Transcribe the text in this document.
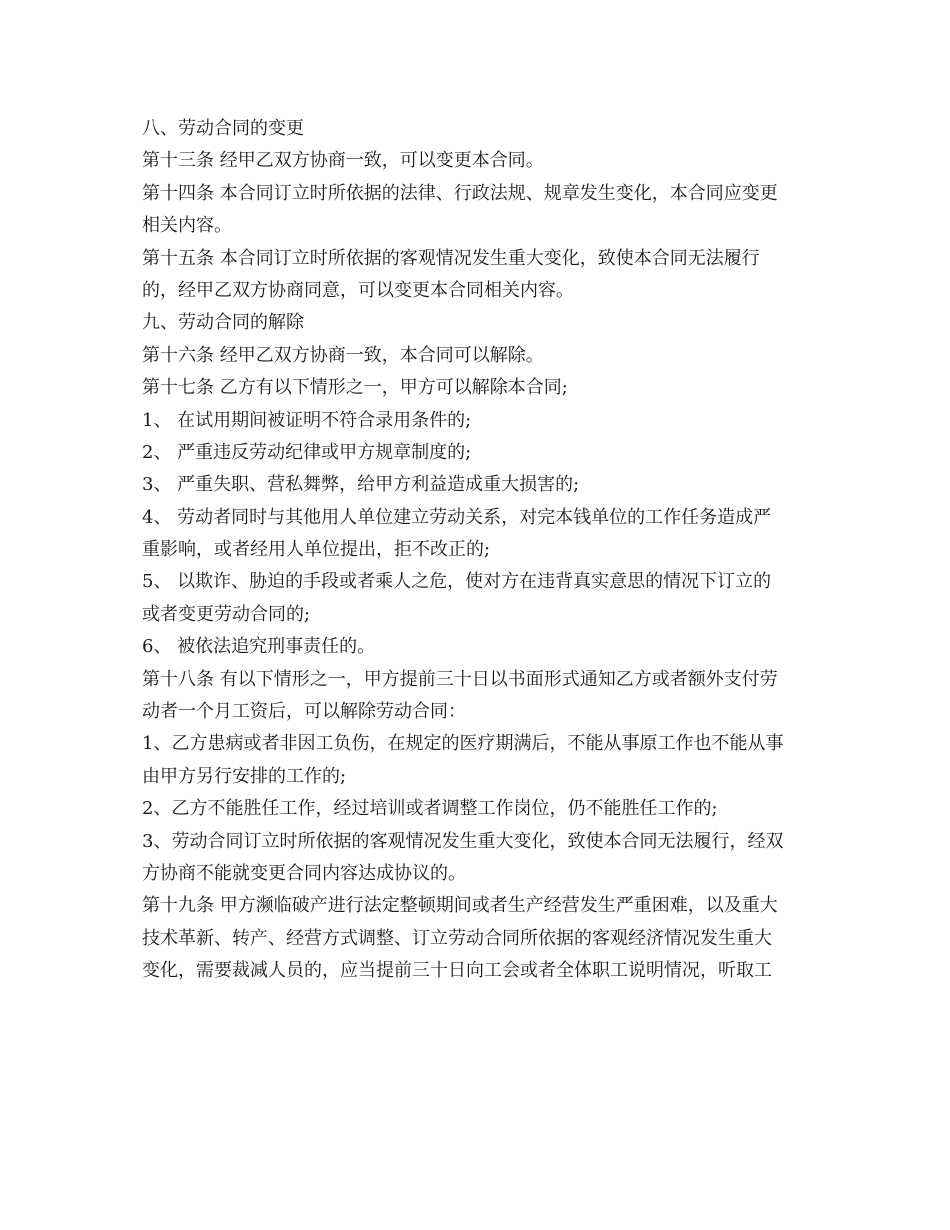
八、劳动合同的变更
第十三条 经甲乙双方协商一致，可以变更本合同。
第十四条 本合同订立时所依据的法律、行政法规、规章发生变化，本合同应变更
相关内容。
第十五条 本合同订立时所依据的客观情况发生重大变化，致使本合同无法履行
的，经甲乙双方协商同意，可以变更本合同相关内容。
九、劳动合同的解除
第十六条 经甲乙双方协商一致，本合同可以解除。
第十七条 乙方有以下情形之一，甲方可以解除本合同;
1、 在试用期间被证明不符合录用条件的;
2、 严重违反劳动纪律或甲方规章制度的;
3、 严重失职、营私舞弊，给甲方利益造成重大损害的;
4、 劳动者同时与其他用人单位建立劳动关系，对完本钱单位的工作任务造成严
重影响，或者经用人单位提出，拒不改正的;
5、 以欺诈、胁迫的手段或者乘人之危，使对方在违背真实意思的情况下订立的
或者变更劳动合同的;
6、 被依法追究刑事责任的。
第十八条 有以下情形之一，甲方提前三十日以书面形式通知乙方或者额外支付劳
动者一个月工资后，可以解除劳动合同：
1、乙方患病或者非因工负伤，在规定的医疗期满后，不能从事原工作也不能从事
由甲方另行安排的工作的;
2、乙方不能胜任工作，经过培训或者调整工作岗位，仍不能胜任工作的;
3、劳动合同订立时所依据的客观情况发生重大变化，致使本合同无法履行，经双
方协商不能就变更合同内容达成协议的。
第十九条 甲方濒临破产进行法定整顿期间或者生产经营发生严重困难，以及重大
技术革新、转产、经营方式调整、订立劳动合同所依据的客观经济情况发生重大
变化，需要裁减人员的，应当提前三十日向工会或者全体职工说明情况，听取工
